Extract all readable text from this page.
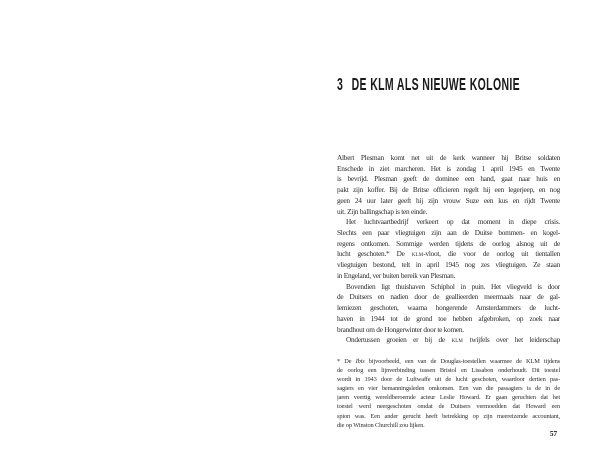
3 DE KLM ALS NIEUWE KOLONIE
Albert Plesman komt net uit de kerk wanneer hij Britse soldaten
Enschede in ziet marcheren. Het is zondag 1 april 1945 en Twente
is bevrijd. Plesman geeft de dominee een hand, gaat naar huis en
pakt zijn koffer. Bij de Britse officieren regelt hij een legerjeep, en nog
geen 24 uur later geeft hij zijn vrouw Suze een kus en rijdt Twente
uit. Zijn ballingschap is ten einde.
Het luchtvaartbedrijf verkeert op dat moment in diepe crisis.
Slechts een paar vliegtuigen zijn aan de Duitse bommen- en kogel-
regens ontkomen. Sommige werden tijdens de oorlog alsnog uit de
lucht geschoten.* De klm-vloot, die voor de oorlog uit tientallen
vliegtuigen bestond, telt in april 1945 nog zes vliegtuigen. Ze staan
in Engeland, ver buiten bereik van Plesman.
Bovendien ligt thuishaven Schiphol in puin. Het vliegveld is door
de Duitsers en nadien door de geallieerden meermaals naar de gal-
lemiezen geschoten, waarna hongerende Amsterdammers de lucht-
haven in 1944 tot de grond toe hebben afgebroken, op zoek naar
brandhout om de Hongerwinter door te komen.
Ondertussen groeien er bij de klm twijfels over het leiderschap
* De Ibis bijvoorbeeld, een van de Douglas-toestellen waarmee de KLM tijdens
de oorlog een lijnverbinding tussen Bristol en Lissabon onderhoudt. Dit toestel
wordt in 1943 door de Luftwaffe uit de lucht geschoten, waardoor dertien pas-
sagiers en vier bemanningsleden omkomen. Een van die passagiers is de in de
jaren veertig wereldberoemde acteur Leslie Howard. Er gaan geruchten dat het
toestel werd neergeschoten omdat de Duitsers vermoedden dat Howard een
spion was. Een ander gerucht heeft betrekking op zijn meereizende accountant,
die op Winston Churchill zou lijken.
57
